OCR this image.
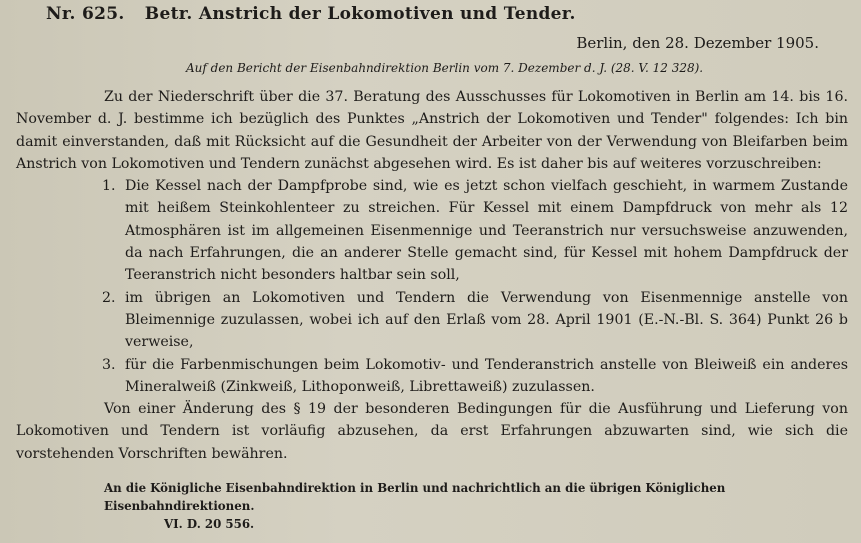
Nr. 625. Betr. Anstrich der Lokomotiven und Tender.
Berlin, den 28. Dezember 1905.
Auf den Bericht der Eisenbahndirektion Berlin vom 7. Dezember d. J. (28. V. 12 328).

Zu der Niederschrift über die 37. Beratung des Ausschusses für Lokomotiven in Berlin am 14. bis 16. November d. J. bestimme ich bezüglich des Punktes „Anstrich der Lokomotiven und Tender" folgendes: Ich bin damit einverstanden, daß mit Rücksicht auf die Gesundheit der Arbeiter von der Verwendung von Bleifarben beim Anstrich von Lokomotiven und Tendern zunächst abgesehen wird. Es ist daher bis auf weiteres vorzuschreiben:

1. Die Kessel nach der Dampfprobe sind, wie es jetzt schon vielfach geschieht, in warmem Zustande mit heißem Steinkohlenteer zu streichen. Für Kessel mit einem Dampfdruck von mehr als 12 Atmosphären ist im allgemeinen Eisenmennige und Teeranstrich nur versuchsweise anzuwenden, da nach Erfahrungen, die an anderer Stelle gemacht sind, für Kessel mit hohem Dampfdruck der Teeranstrich nicht besonders haltbar sein soll,
2. im übrigen an Lokomotiven und Tendern die Verwendung von Eisenmennige anstelle von Bleimennige zuzulassen, wobei ich auf den Erlaß vom 28. April 1901 (E.-N.-Bl. S. 364) Punkt 26 b verweise,
3. für die Farbenmischungen beim Lokomotiv- und Tenderanstrich anstelle von Bleiweiß ein anderes Mineralweiß (Zinkweiß, Lithoponweiß, Librettaweiß) zuzulassen.

Von einer Änderung des § 19 der besonderen Bedingungen für die Ausführung und Lieferung von Lokomotiven und Tendern ist vorläufig abzusehen, da erst Erfahrungen abzuwarten sind, wie sich die vorstehenden Vorschriften bewähren.

An die Königliche Eisenbahndirektion in Berlin und nachrichtlich an die übrigen Königlichen Eisenbahndirektionen.
VI. D. 20 556.
